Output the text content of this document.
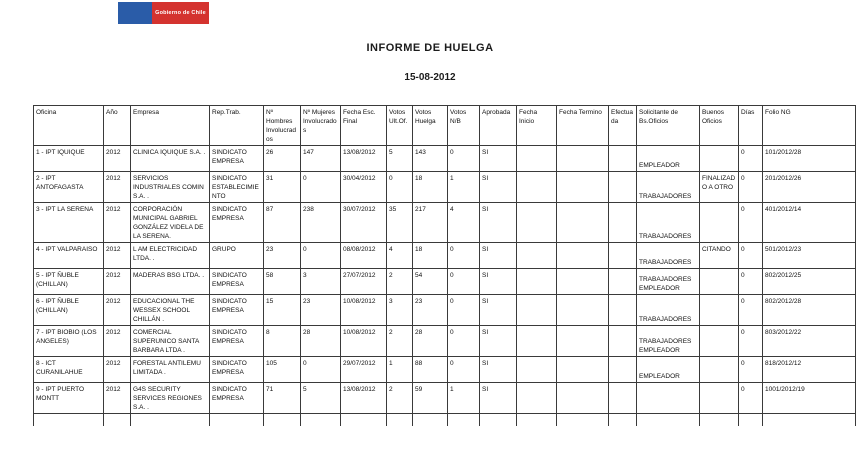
Gobierno de Chile
INFORME DE HUELGA
15-08-2012
Oficina	Año	Empresa	Rep.Trab.	Nº Hombres Involucrados	Nº Mujeres Involucrados	Fecha Esc. Final	Votos Ult.Of.	Votos Huelga	Votos N/B	Aprobada	Fecha Inicio	Fecha Termino	Efectuada	Solicitante de Bs.Oficios	Buenos Oficios	Días	Folio NG
1 - IPT IQUIQUE	2012	CLINICA IQUIQUE S.A. .	SINDICATO EMPRESA	26	147	13/08/2012	5	143	0	SI				EMPLEADOR		0	101/2012/28
2 - IPT ANTOFAGASTA	2012	SERVICIOS INDUSTRIALES COMIN S.A. .	SINDICATO ESTABLECIMIENTO	31	0	30/04/2012	0	18	1	SI				TRABAJADORES	FINALIZADO A OTRO	0	201/2012/26
3 - IPT LA SERENA	2012	CORPORACIÓN MUNICIPAL GABRIEL GONZÁLEZ VIDELA DE LA SERENA.	SINDICATO EMPRESA	87	238	30/07/2012	35	217	4	SI				TRABAJADORES		0	401/2012/14
4 - IPT VALPARAISO	2012	L AM ELECTRICIDAD LTDA. .	GRUPO	23	0	08/08/2012	4	18	0	SI				TRABAJADORES	CITANDO	0	501/2012/23
5 - IPT ÑUBLE (CHILLAN)	2012	MADERAS BSG LTDA. .	SINDICATO EMPRESA	58	3	27/07/2012	2	54	0	SI				TRABAJADORES EMPLEADOR		0	802/2012/25
6 - IPT ÑUBLE (CHILLAN)	2012	EDUCACIONAL THE WESSEX SCHOOL CHILLÁN .	SINDICATO EMPRESA	15	23	10/08/2012	3	23	0	SI				TRABAJADORES		0	802/2012/28
7 - IPT BIOBIO (LOS ANGELES)	2012	COMERCIAL SUPERUNICO SANTA BARBARA LTDA .	SINDICATO EMPRESA	8	28	10/08/2012	2	28	0	SI				TRABAJADORES EMPLEADOR		0	803/2012/22
8 - ICT CURANILAHUE	2012	FORESTAL ANTILEMU LIMITADA .	SINDICATO EMPRESA	105	0	29/07/2012	1	88	0	SI				EMPLEADOR		0	818/2012/12
9 - IPT PUERTO MONTT	2012	G4S SECURITY SERVICES REGIONES S.A. .	SINDICATO EMPRESA	71	5	13/08/2012	2	59	1	SI						0	1001/2012/19
